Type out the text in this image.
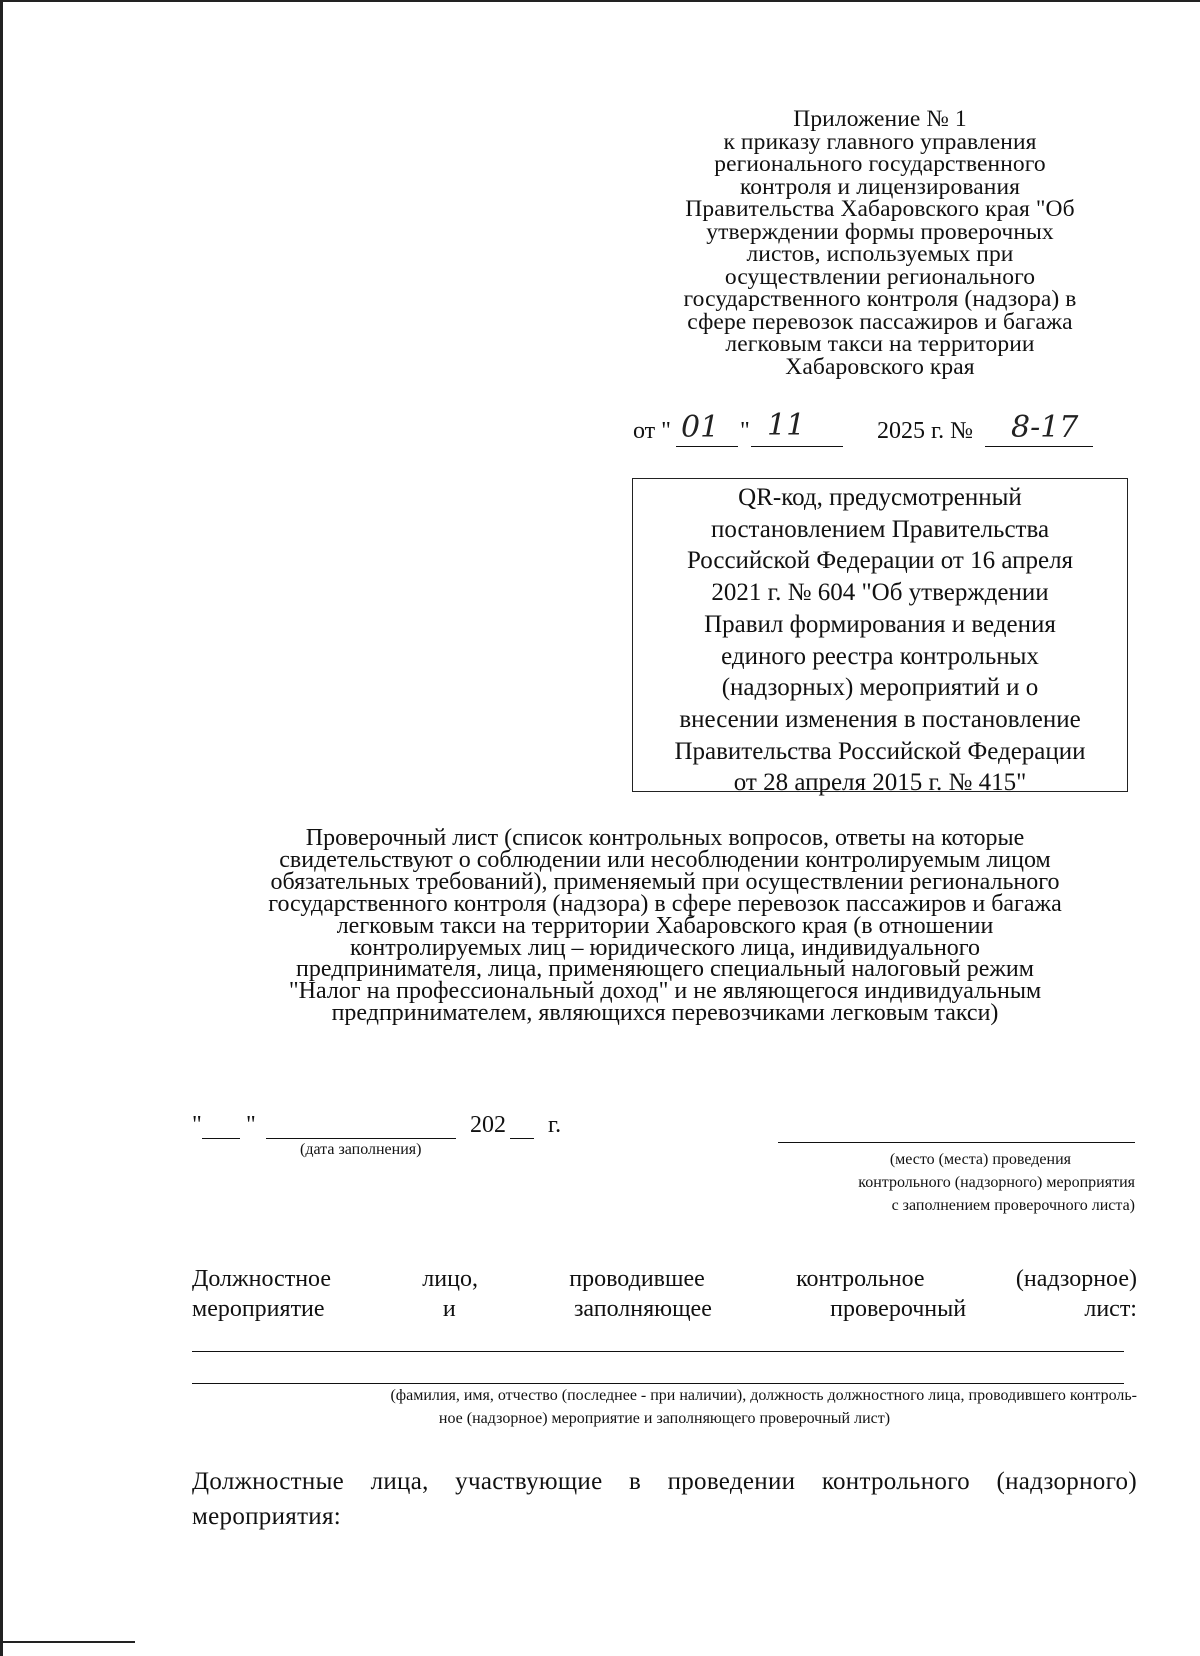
Приложение № 1
к приказу главного управления
регионального государственного
контроля и лицензирования
Правительства Хабаровского края "Об
утверждении формы проверочных
листов, используемых при
осуществлении регионального
государственного контроля (надзора) в
сфере перевозок пассажиров и багажа
легковым такси на территории
Хабаровского края
от " 01 " 11	2025 г. № 8-17
QR-код, предусмотренный
постановлением Правительства
Российской Федерации от 16 апреля
2021 г. № 604 "Об утверждении
Правил формирования и ведения
единого реестра контрольных
(надзорных) мероприятий и о
внесении изменения в постановление
Правительства Российской Федерации
от 28 апреля 2015 г. № 415"
Проверочный лист (список контрольных вопросов, ответы на которые
свидетельствуют о соблюдении или несоблюдении контролируемым лицом
обязательных требований), применяемый при осуществлении регионального
государственного контроля (надзора) в сфере перевозок пассажиров и багажа
легковым такси на территории Хабаровского края (в отношении
контролируемых лиц – юридического лица, индивидуального
предпринимателя, лица, применяющего специальный налоговый режим
"Налог на профессиональный доход" и не являющегося индивидуальным
предпринимателем, являющихся перевозчиками легковым такси)
" "	202 г.
(дата заполнения)
(место (места) проведения
контрольного (надзорного) мероприятия
с заполнением проверочного листа)
Должностное	лицо,	проводившее	контрольное	(надзорное)
мероприятие	и	заполняющее	проверочный	лист:
(фамилия, имя, отчество (последнее - при наличии), должность должностного лица, проводившего контроль-
ное (надзорное) мероприятие и заполняющего проверочный лист)
Должностные лица, участвующие в проведении контрольного (надзорного)
мероприятия:
